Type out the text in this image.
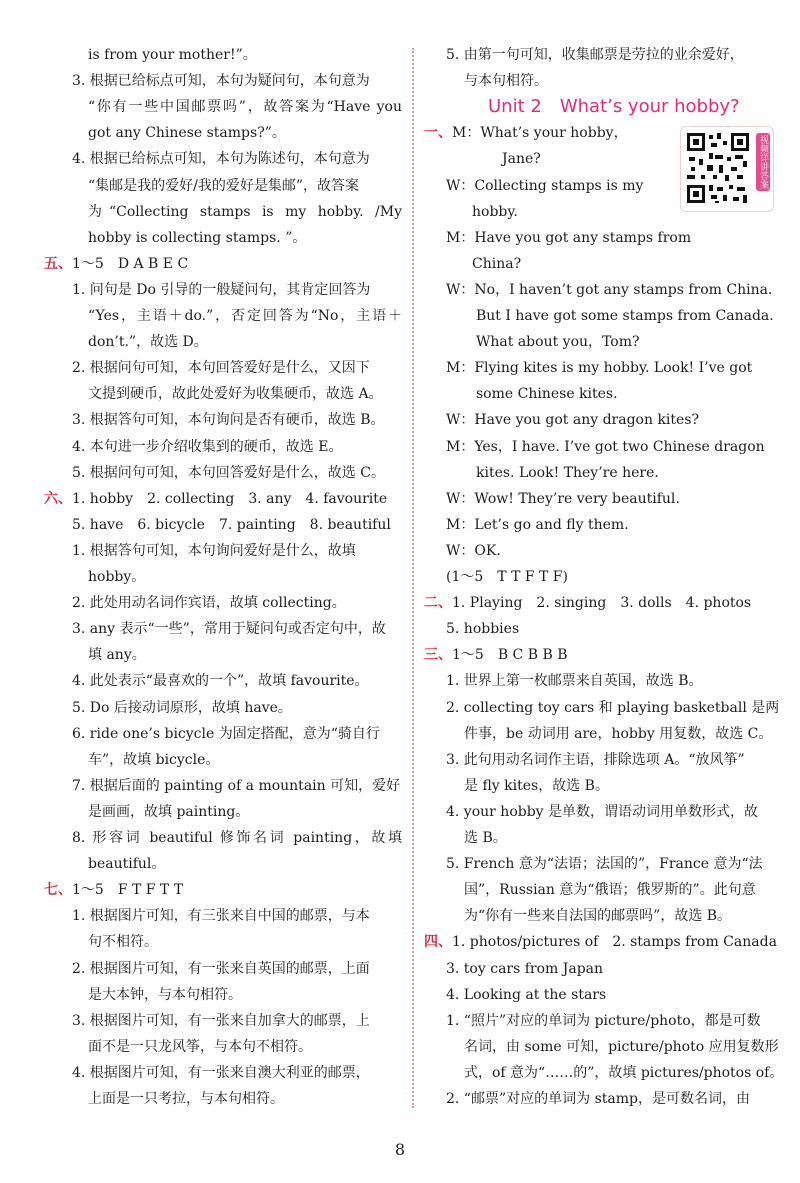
is from your mother!”。
3. 根据已给标点可知，本句为疑问句，本句意为
“你有一些中国邮票吗”，故答案为“Have you
got any Chinese stamps?”。
4. 根据已给标点可知，本句为陈述句，本句意为
“集邮是我的爱好/我的爱好是集邮”，故答案
为“Collecting stamps is my hobby. /My
hobby is collecting stamps. ”。
五、1～5　D A B E C
1. 问句是 Do 引导的一般疑问句，其肯定回答为
“Yes，主语＋do.”，否定回答为“No，主语＋
don’t.”，故选 D。
2. 根据问句可知，本句回答爱好是什么，又因下
文提到硬币，故此处爱好为收集硬币，故选 A。
3. 根据答句可知，本句询问是否有硬币，故选 B。
4. 本句进一步介绍收集到的硬币，故选 E。
5. 根据问句可知，本句回答爱好是什么，故选 C。
六、1. hobby　2. collecting　3. any　4. favourite
5. have　6. bicycle　7. painting　8. beautiful
1. 根据答句可知，本句询问爱好是什么，故填
hobby。
2. 此处用动名词作宾语，故填 collecting。
3. any 表示“一些”，常用于疑问句或否定句中，故
填 any。
4. 此处表示“最喜欢的一个”，故填 favourite。
5. Do 后接动词原形，故填 have。
6. ride one’s bicycle 为固定搭配，意为“骑自行
车”，故填 bicycle。
7. 根据后面的 painting of a mountain 可知，爱好
是画画，故填 painting。
8. 形容词 beautiful 修饰名词 painting，故填
beautiful。
七、1～5　F T F T T
1. 根据图片可知，有三张来自中国的邮票，与本
句不相符。
2. 根据图片可知，有一张来自英国的邮票，上面
是大本钟，与本句相符。
3. 根据图片可知，有一张来自加拿大的邮票，上
面不是一只龙风筝，与本句不相符。
4. 根据图片可知，有一张来自澳大利亚的邮票，
上面是一只考拉，与本句相符。
5. 由第一句可知，收集邮票是劳拉的业余爱好，
与本句相符。
Unit 2　What’s your hobby?
一、M：What’s your hobby，
Jane?
W：Collecting stamps is my
hobby.
M：Have you got any stamps from
China?
W：No，I haven’t got any stamps from China.
But I have got some stamps from Canada.
What about you，Tom?
M：Flying kites is my hobby. Look! I’ve got
some Chinese kites.
W：Have you got any dragon kites?
M：Yes，I have. I’ve got two Chinese dragon
kites. Look! They’re here.
W：Wow! They’re very beautiful.
M：Let’s go and fly them.
W：OK.
(1～5　T T F T F)
二、1. Playing　2. singing　3. dolls　4. photos
5. hobbies
三、1～5　B C B B B
1. 世界上第一枚邮票来自英国，故选 B。
2. collecting toy cars 和 playing basketball 是两
件事，be 动词用 are，hobby 用复数，故选 C。
3. 此句用动名词作主语，排除选项 A。“放风筝”
是 fly kites，故选 B。
4. your hobby 是单数，谓语动词用单数形式，故
选 B。
5. French 意为“法语；法国的”，France 意为“法
国”，Russian 意为“俄语；俄罗斯的”。此句意
为“你有一些来自法国的邮票吗”，故选 B。
四、1. photos/pictures of　2. stamps from Canada
3. toy cars from Japan
4. Looking at the stars
1. “照片”对应的单词为 picture/photo，都是可数
名词，由 some 可知，picture/photo 应用复数形
式，of 意为“……的”，故填 pictures/photos of。
2. “邮票”对应的单词为 stamp，是可数名词，由
视频详讲答案
8
